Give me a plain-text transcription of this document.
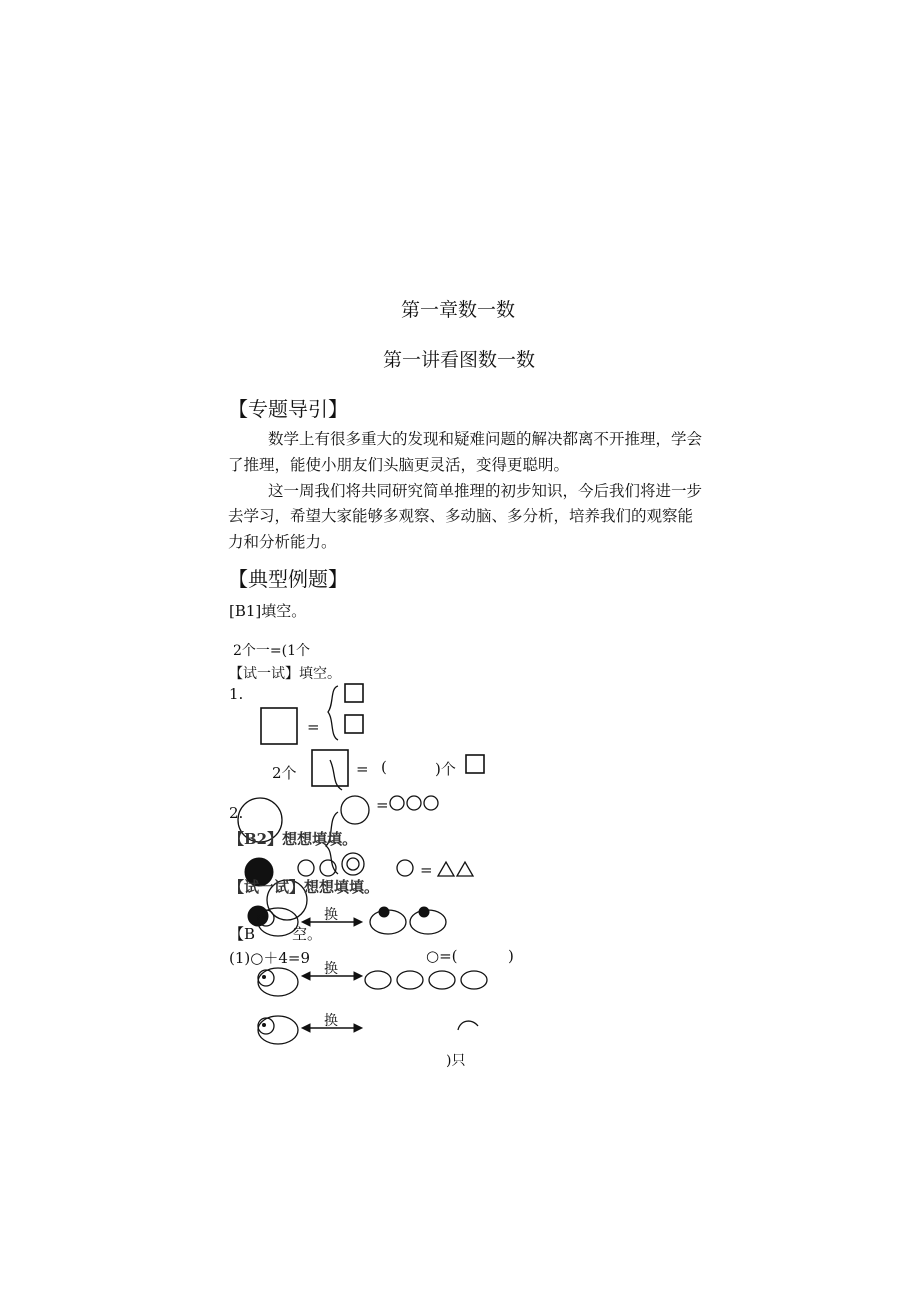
第一章数一数
第一讲看图数一数
【专题导引】
数学上有很多重大的发现和疑难问题的解决都离不开推理，学会
了推理，能使小朋友们头脑更灵活，变得更聪明。
这一周我们将共同研究简单推理的初步知识，今后我们将进一步
去学习，希望大家能够多观察、多动脑、多分析，培养我们的观察能
力和分析能力。
【典型例题】
[B1]填空。
2个一=(1个
【试一试】填空。
1.
=
2个	= (	)个
2.	=
=
【B2】想想填填。
【试一试】想想填填。
【B 空。
换
换
换
(1)○＋4=9	○=(	)
)只
